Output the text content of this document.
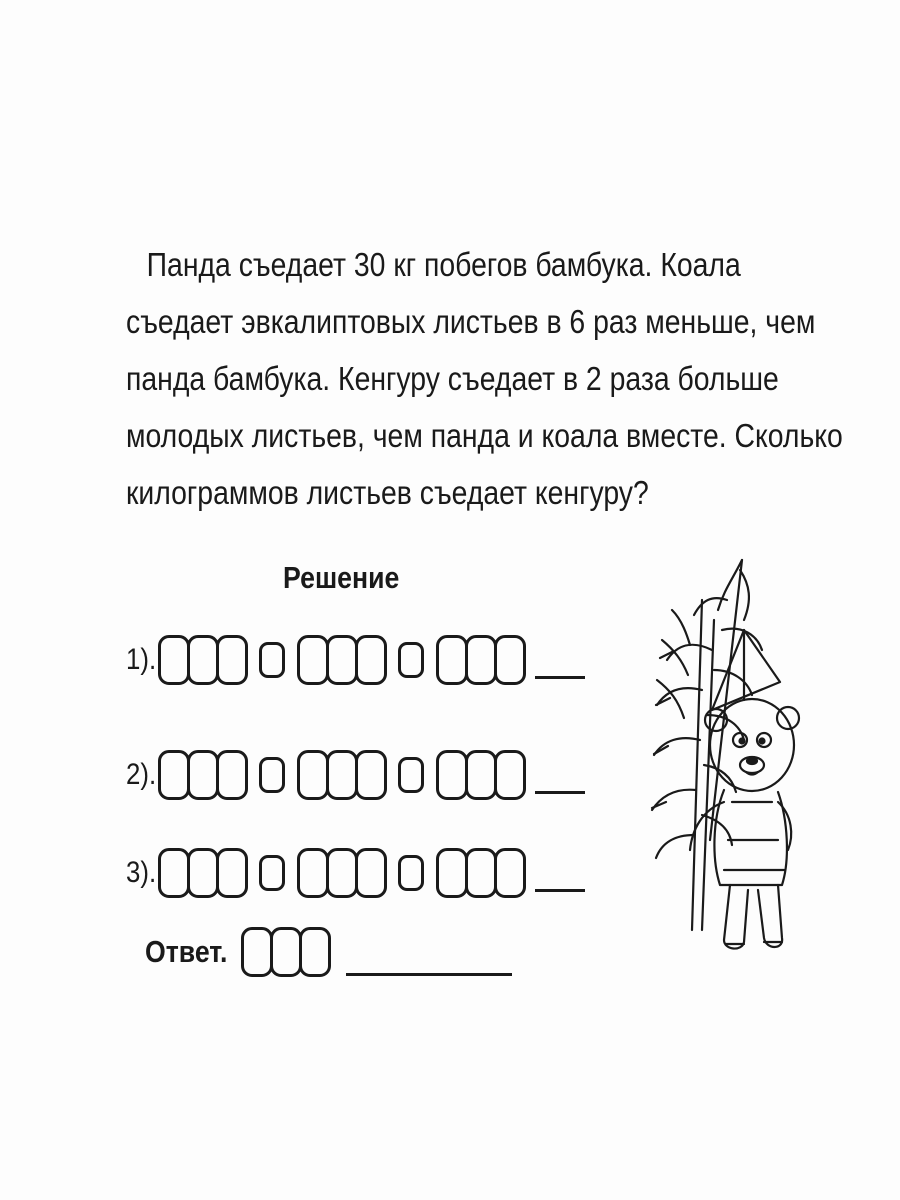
Панда съедает 30 кг побегов бамбука. Коала
съедает эвкалиптовых листьев в 6 раз меньше, чем
панда бамбука. Кенгуру съедает в 2 раза больше
молодых листьев, чем панда и коала вместе. Сколько
килограммов листьев съедает кенгуру?
Решение
1).
2).
3).
Ответ.
